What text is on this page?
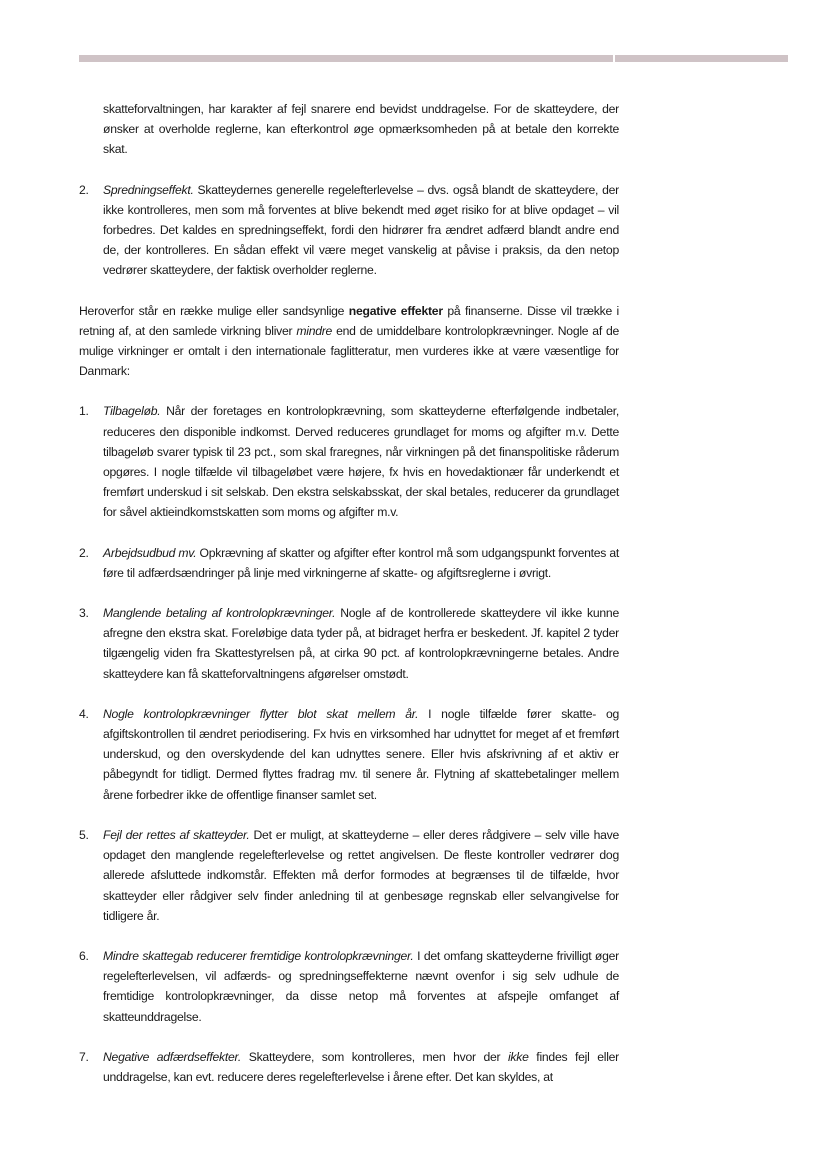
skatteforvaltningen, har karakter af fejl snarere end bevidst unddragelse. For de skatteydere, der ønsker at overholde reglerne, kan efterkontrol øge opmærksomheden på at betale den korrekte skat.

2. Spredningseffekt. Skatteydernes generelle regelefterlevelse – dvs. også blandt de skatteydere, der ikke kontrolleres, men som må forventes at blive bekendt med øget risiko for at blive opdaget – vil forbedres. Det kaldes en spredningseffekt, fordi den hidrører fra ændret adfærd blandt andre end de, der kontrolleres. En sådan effekt vil være meget vanskelig at påvise i praksis, da den netop vedrører skatteydere, der faktisk overholder reglerne.

Heroverfor står en række mulige eller sandsynlige negative effekter på finanserne. Disse vil trække i retning af, at den samlede virkning bliver mindre end de umiddelbare kontrolopkrævninger. Nogle af de mulige virkninger er omtalt i den internationale faglitteratur, men vurderes ikke at være væsentlige for Danmark:

1. Tilbageløb. Når der foretages en kontrolopkrævning, som skatteyderne efterfølgende indbetaler, reduceres den disponible indkomst. Derved reduceres grundlaget for moms og afgifter m.v. Dette tilbageløb svarer typisk til 23 pct., som skal fraregnes, når virkningen på det finanspolitiske råderum opgøres. I nogle tilfælde vil tilbageløbet være højere, fx hvis en hovedaktionær får underkendt et fremført underskud i sit selskab. Den ekstra selskabsskat, der skal betales, reducerer da grundlaget for såvel aktieindkomstskatten som moms og afgifter m.v.
2. Arbejdsudbud mv. Opkrævning af skatter og afgifter efter kontrol må som udgangspunkt forventes at føre til adfærdsændringer på linje med virkningerne af skatte- og afgiftsreglerne i øvrigt.
3. Manglende betaling af kontrolopkrævninger. Nogle af de kontrollerede skatteydere vil ikke kunne afregne den ekstra skat. Foreløbige data tyder på, at bidraget herfra er beskedent. Jf. kapitel 2 tyder tilgængelig viden fra Skattestyrelsen på, at cirka 90 pct. af kontrolopkrævningerne betales. Andre skatteydere kan få skatteforvaltningens afgørelser omstødt.
4. Nogle kontrolopkrævninger flytter blot skat mellem år. I nogle tilfælde fører skatte- og afgiftskontrollen til ændret periodisering. Fx hvis en virksomhed har udnyttet for meget af et fremført underskud, og den overskydende del kan udnyttes senere. Eller hvis afskrivning af et aktiv er påbegyndt for tidligt. Dermed flyttes fradrag mv. til senere år. Flytning af skattebetalinger mellem årene forbedrer ikke de offentlige finanser samlet set.
5. Fejl der rettes af skatteyder. Det er muligt, at skatteyderne – eller deres rådgivere – selv ville have opdaget den manglende regelefterlevelse og rettet angivelsen. De fleste kontroller vedrører dog allerede afsluttede indkomstår. Effekten må derfor formodes at begrænses til de tilfælde, hvor skatteyder eller rådgiver selv finder anledning til at genbesøge regnskab eller selvangivelse for tidligere år.
6. Mindre skattegab reducerer fremtidige kontrolopkrævninger. I det omfang skatteyderne frivilligt øger regelefterlevelsen, vil adfærds- og spredningseffekterne nævnt ovenfor i sig selv udhule de fremtidige kontrolopkrævninger, da disse netop må forventes at afspejle omfanget af skatteunddragelse.
7. Negative adfærdseffekter. Skatteydere, som kontrolleres, men hvor der ikke findes fejl eller unddragelse, kan evt. reducere deres regelefterlevelse i årene efter. Det kan skyldes, at
